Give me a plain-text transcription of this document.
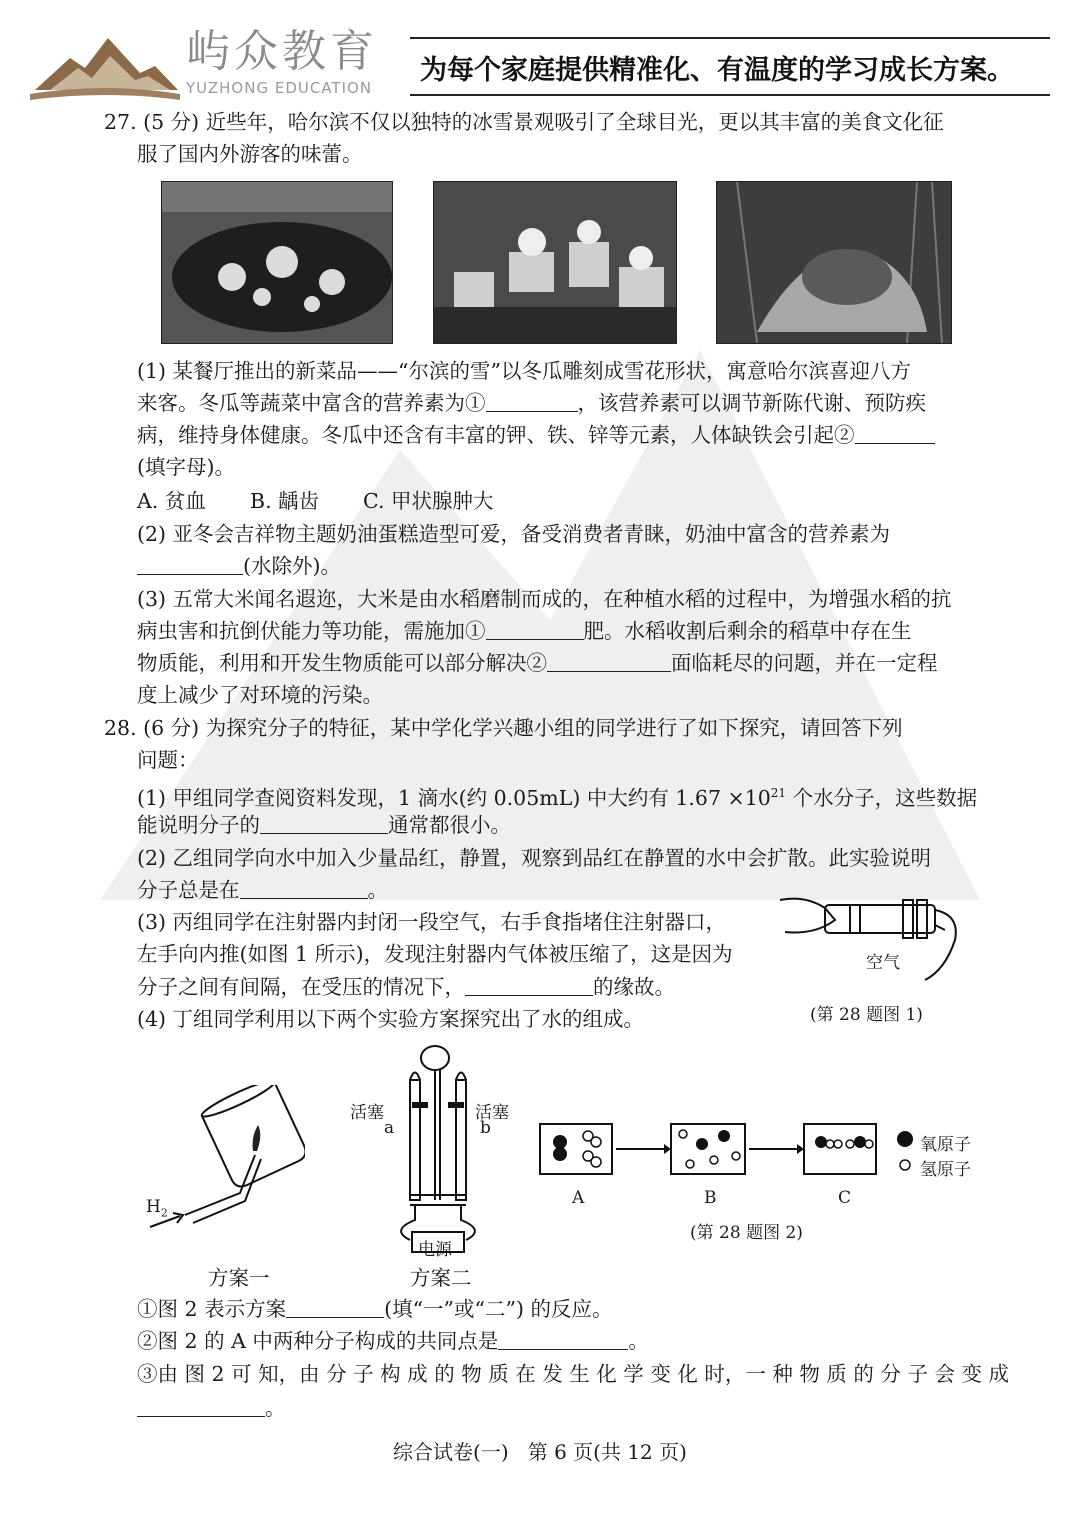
屿众教育
YUZHONG EDUCATION
为每个家庭提供精准化、有温度的学习成长方案。
27. (5 分) 近些年，哈尔滨不仅以独特的冰雪景观吸引了全球目光，更以其丰富的美食文化征
服了国内外游客的味蕾。
(1) 某餐厅推出的新菜品——“尔滨的雪”以冬瓜雕刻成雪花形状，寓意哈尔滨喜迎八方
来客。冬瓜等蔬菜中富含的营养素为①	，该营养素可以调节新陈代谢、预防疾
病，维持身体健康。冬瓜中还含有丰富的钾、铁、锌等元素，人体缺铁会引起②
(填字母)。
A. 贫血 B. 龋齿 C. 甲状腺肿大
(2) 亚冬会吉祥物主题奶油蛋糕造型可爱，备受消费者青睐，奶油中富含的营养素为
(水除外)。
(3) 五常大米闻名遐迩，大米是由水稻磨制而成的，在种植水稻的过程中，为增强水稻的抗
病虫害和抗倒伏能力等功能，需施加①	肥。水稻收割后剩余的稻草中存在生
物质能，利用和开发生物质能可以部分解决②	面临耗尽的问题，并在一定程
度上减少了对环境的污染。
28. (6 分) 为探究分子的特征，某中学化学兴趣小组的同学进行了如下探究，请回答下列
问题：
(1) 甲组同学查阅资料发现，1 滴水(约 0.05mL) 中大约有 $1.67 \times 10^{21}$ 个水分子，这些数据
能说明分子的	通常都很小。
(2) 乙组同学向水中加入少量品红，静置，观察到品红在静置的水中会扩散。此实验说明
分子总是在	。
(3) 丙组同学在注射器内封闭一段空气，右手食指堵住注射器口，
左手向内推(如图 1 所示)，发现注射器内气体被压缩了，这是因为
分子之间有间隔，在受压的情况下，	的缘故。
(4) 丁组同学利用以下两个实验方案探究出了水的组成。
空气
(第 28 题图 1)
$H_2$
方案一
活塞	活塞
a	b
电源
方案二
氧原子
氢原子
A	B	C
(第 28 题图 2)
①图 2 表示方案	(填“一”或“二”) 的反应。
②图 2 的 A 中两种分子构成的共同点是	。
③由 图 2 可 知，由 分 子 构 成 的 物 质 在 发 生 化 学 变 化 时，一 种 物 质 的 分 子 会 变 成
。
综合试卷(一)   第 6 页(共 12 页)
